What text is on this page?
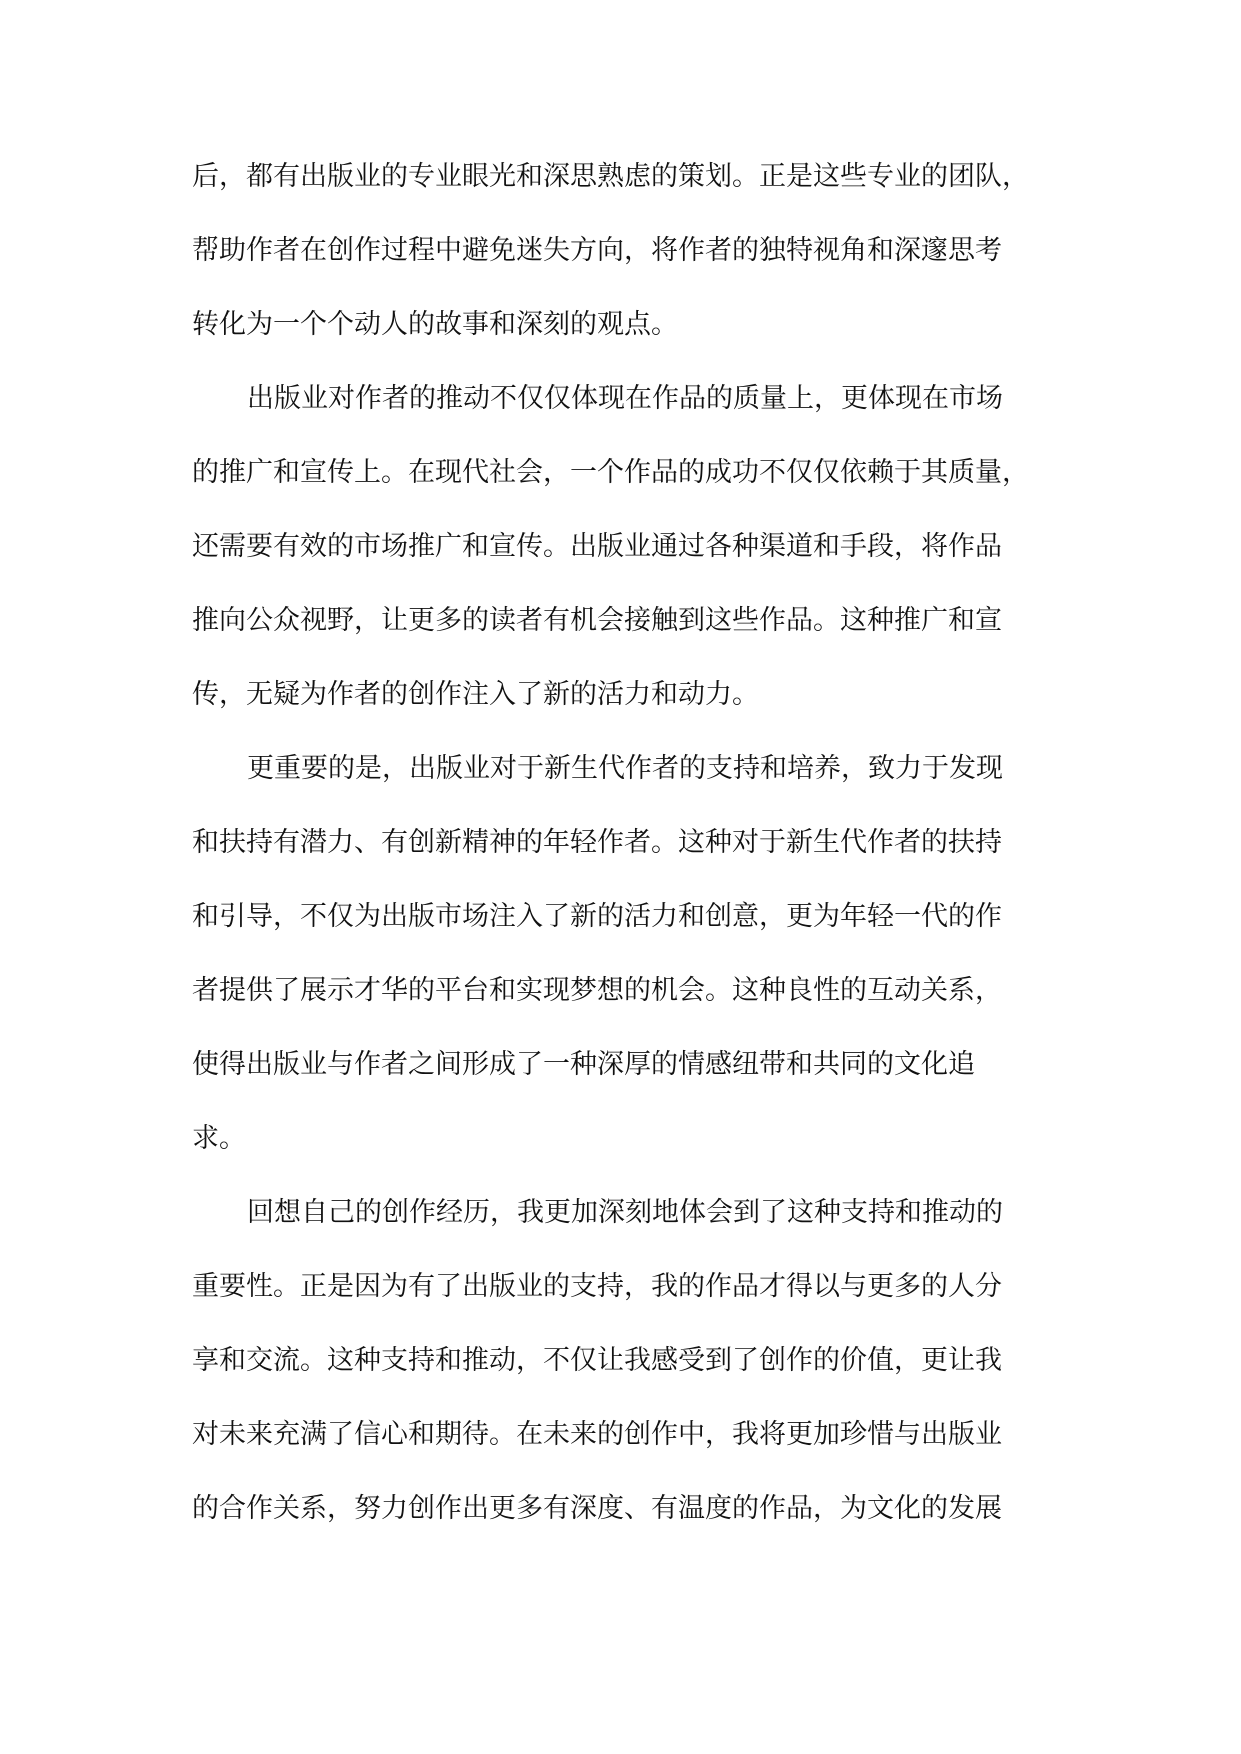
后，都有出版业的专业眼光和深思熟虑的策划。正是这些专业的团队，
帮助作者在创作过程中避免迷失方向，将作者的独特视角和深邃思考
转化为一个个动人的故事和深刻的观点。
出版业对作者的推动不仅仅体现在作品的质量上，更体现在市场
的推广和宣传上。在现代社会，一个作品的成功不仅仅依赖于其质量，
还需要有效的市场推广和宣传。出版业通过各种渠道和手段，将作品
推向公众视野，让更多的读者有机会接触到这些作品。这种推广和宣
传，无疑为作者的创作注入了新的活力和动力。
更重要的是，出版业对于新生代作者的支持和培养，致力于发现
和扶持有潜力、有创新精神的年轻作者。这种对于新生代作者的扶持
和引导，不仅为出版市场注入了新的活力和创意，更为年轻一代的作
者提供了展示才华的平台和实现梦想的机会。这种良性的互动关系，
使得出版业与作者之间形成了一种深厚的情感纽带和共同的文化追
求。
回想自己的创作经历，我更加深刻地体会到了这种支持和推动的
重要性。正是因为有了出版业的支持，我的作品才得以与更多的人分
享和交流。这种支持和推动，不仅让我感受到了创作的价值，更让我
对未来充满了信心和期待。在未来的创作中，我将更加珍惜与出版业
的合作关系，努力创作出更多有深度、有温度的作品，为文化的发展
